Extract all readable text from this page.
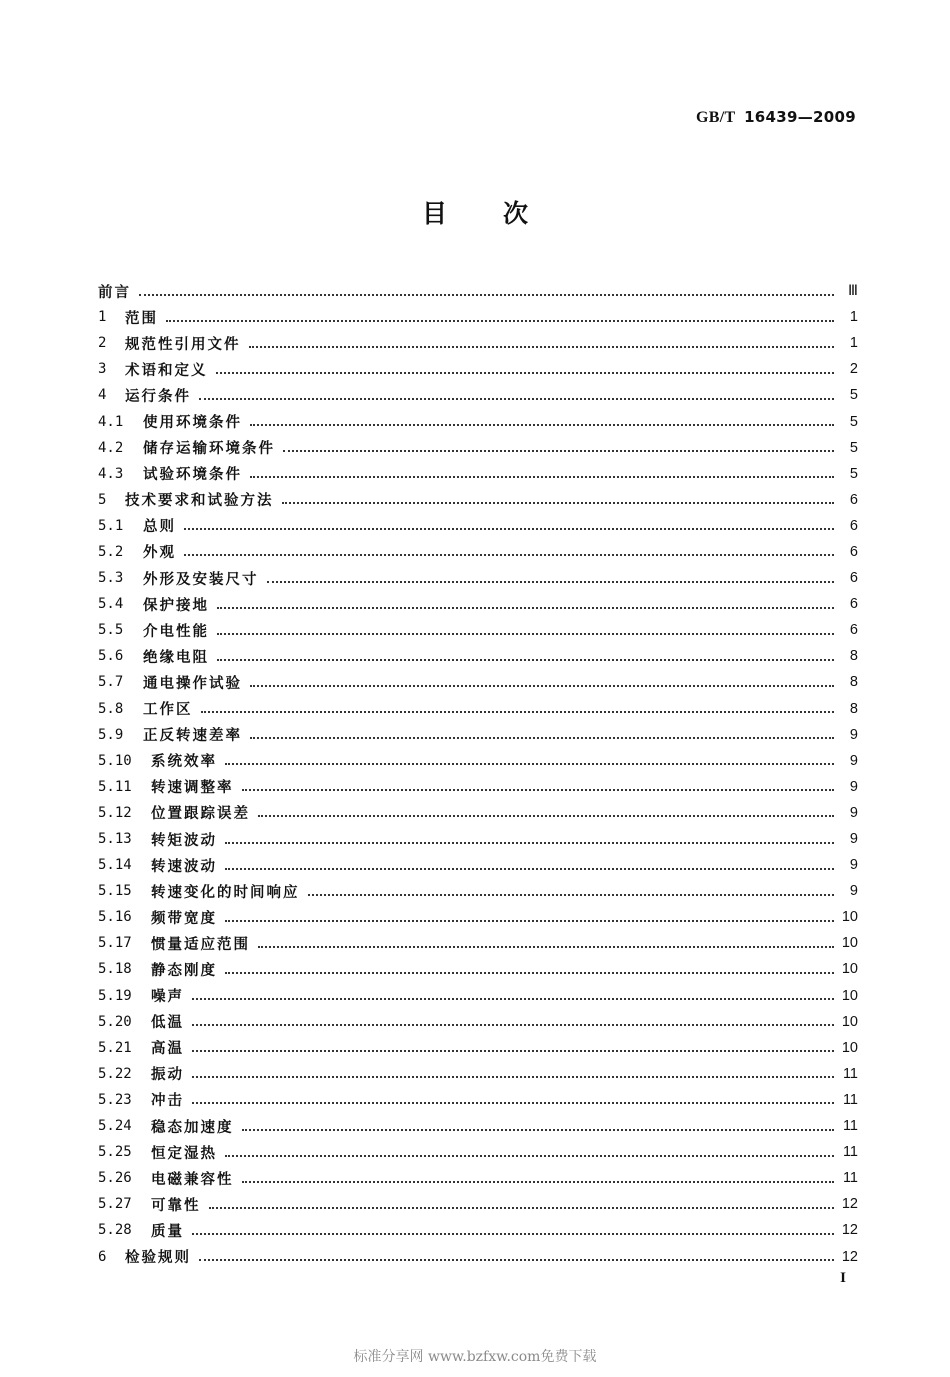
GB/T 16439—2009
目 次
前言	Ⅲ
1	范围	1
2	规范性引用文件	1
3	术语和定义	2
4	运行条件	5
4.1	使用环境条件	5
4.2	储存运输环境条件	5
4.3	试验环境条件	5
5	技术要求和试验方法	6
5.1	总则	6
5.2	外观	6
5.3	外形及安装尺寸	6
5.4	保护接地	6
5.5	介电性能	6
5.6	绝缘电阻	8
5.7	通电操作试验	8
5.8	工作区	8
5.9	正反转速差率	9
5.10	系统效率	9
5.11	转速调整率	9
5.12	位置跟踪误差	9
5.13	转矩波动	9
5.14	转速波动	9
5.15	转速变化的时间响应	9
5.16	频带宽度	10
5.17	惯量适应范围	10
5.18	静态刚度	10
5.19	噪声	10
5.20	低温	10
5.21	高温	10
5.22	振动	11
5.23	冲击	11
5.24	稳态加速度	11
5.25	恒定湿热	11
5.26	电磁兼容性	11
5.27	可靠性	12
5.28	质量	12
6	检验规则	12
I
标准分享网 www.bzfxw.com免费下载
